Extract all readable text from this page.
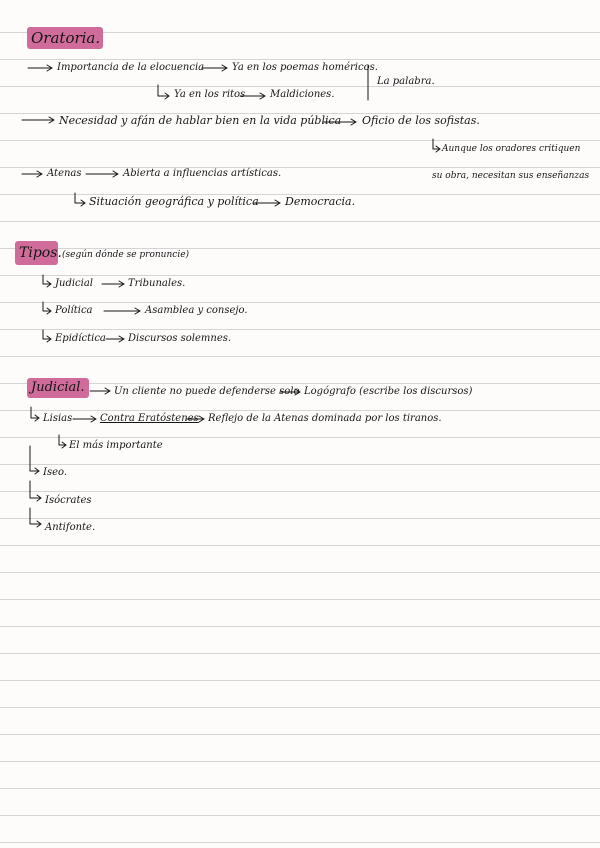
Oratoria.
Importancia de la elocuencia	Ya en los poemas homéricos.
La palabra.
Ya en los ritos Maldiciones.
Necesidad y afán de hablar bien en la vida pública Oficio de los sofistas.
Aunque los oradores critiquen
su obra, necesitan sus enseñanzas
Atenas	Abierta a influencias artísticas.
Situación geográfica y política Democracia.
Tipos. (según dónde se pronuncie)
Judicial	Tribunales.
Política	Asamblea y consejo.
Epidíctica Discursos solemnes.
Judicial.	Un cliente no puede defenderse solo Logógrafo (escribe los discursos)
Lisias	Contra Eratóstenes Reflejo de la Atenas dominada por los tiranos.
El más importante
Iseo.
Isócrates
Antifonte.
